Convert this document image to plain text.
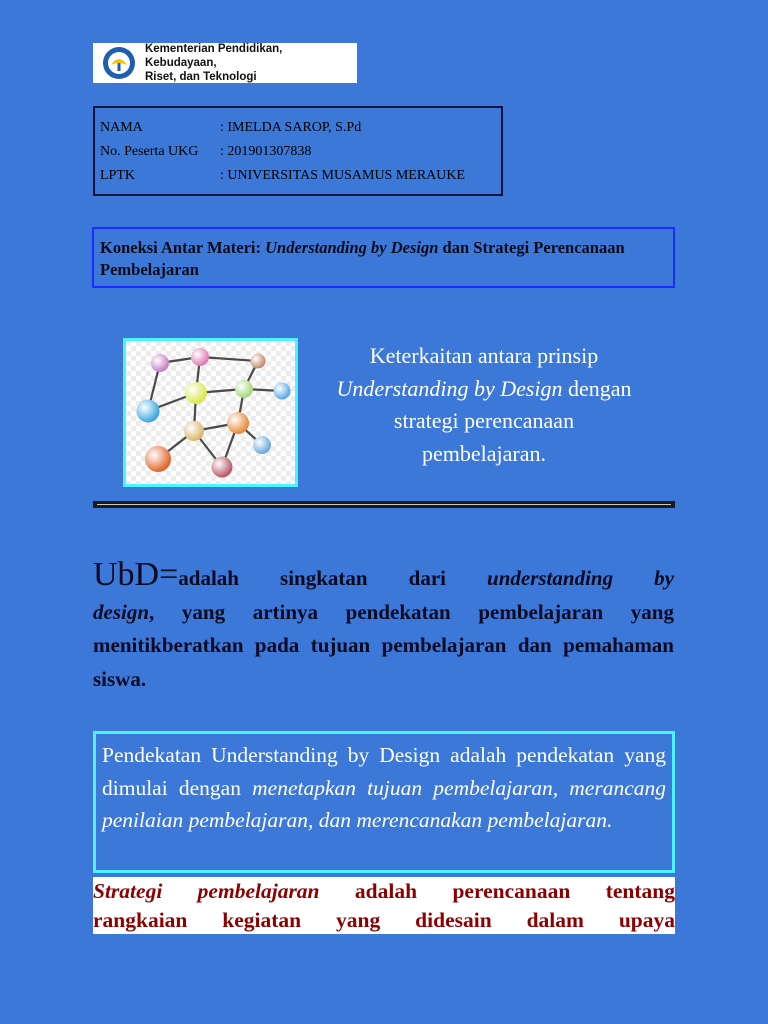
Kementerian Pendidikan, Kebudayaan,
Riset, dan Teknologi
NAMA	: IMELDA SAROP, S.Pd
No. Peserta UKG	: 201901307838
LPTK	: UNIVERSITAS MUSAMUS MERAUKE
Koneksi Antar Materi: Understanding by Design dan Strategi Perencanaan Pembelajaran
Keterkaitan antara prinsip
Understanding by Design dengan
strategi perencanaan
pembelajaran.
UbD=adalah singkatan dari understanding by
design, yang artinya pendekatan pembelajaran yang menitikberatkan pada tujuan pembelajaran dan pemahaman siswa.
Pendekatan Understanding by Design adalah pendekatan yang dimulai dengan menetapkan tujuan pembelajaran, merancang penilaian pembelajaran, dan merencanakan pembelajaran.
Strategi pembelajaran adalah perencanaan tentang
rangkaian kegiatan yang didesain dalam upaya
